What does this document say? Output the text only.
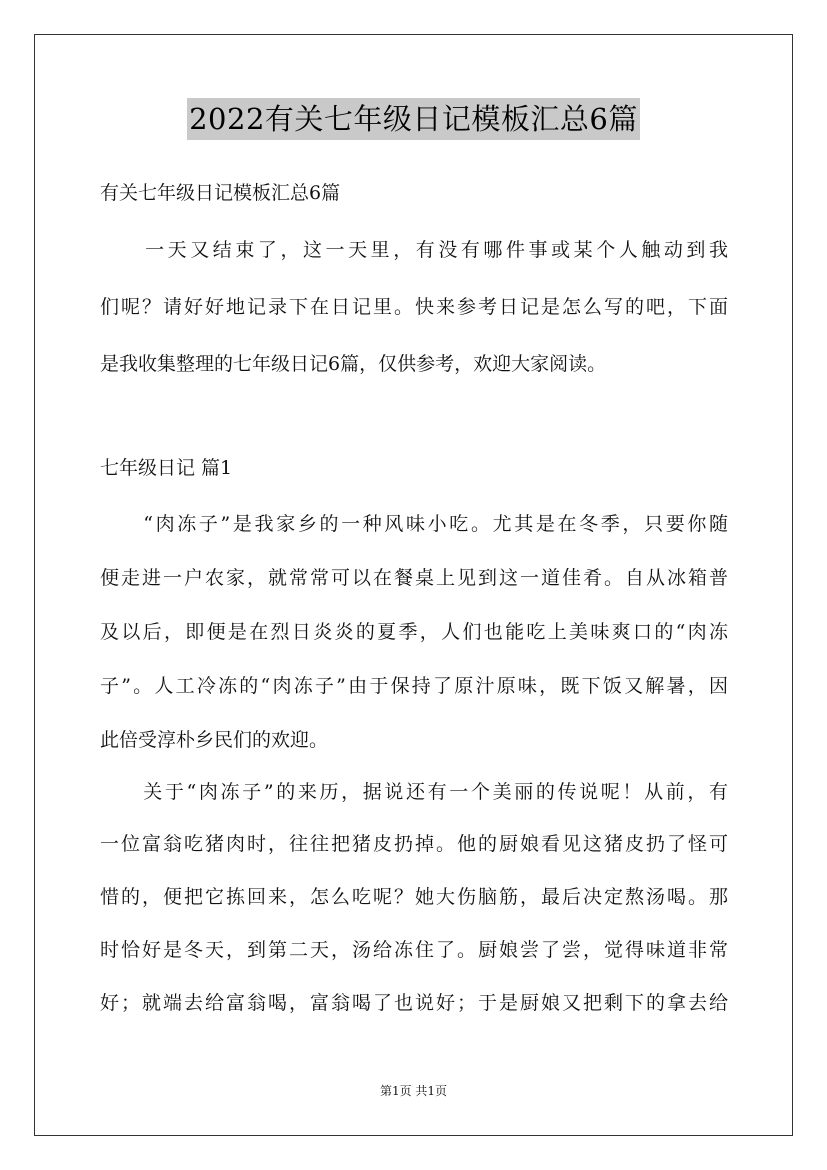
2022有关七年级日记模板汇总6篇
有关七年级日记模板汇总6篇
　　一天又结束了，这一天里，有没有哪件事或某个人触动到我
们呢？请好好地记录下在日记里。快来参考日记是怎么写的吧，下面
是我收集整理的七年级日记6篇，仅供参考，欢迎大家阅读。
七年级日记 篇1
　　“肉冻子”是我家乡的一种风味小吃。尤其是在冬季，只要你随
便走进一户农家，就常常可以在餐桌上见到这一道佳肴。自从冰箱普
及以后，即便是在烈日炎炎的夏季，人们也能吃上美味爽口的“肉冻
子”。人工冷冻的“肉冻子”由于保持了原汁原味，既下饭又解暑，因
此倍受淳朴乡民们的欢迎。
　　关于“肉冻子”的来历，据说还有一个美丽的传说呢！从前，有
一位富翁吃猪肉时，往往把猪皮扔掉。他的厨娘看见这猪皮扔了怪可
惜的，便把它拣回来，怎么吃呢？她大伤脑筋，最后决定熬汤喝。那
时恰好是冬天，到第二天，汤给冻住了。厨娘尝了尝，觉得味道非常
好；就端去给富翁喝，富翁喝了也说好；于是厨娘又把剩下的拿去给
第1页 共1页
